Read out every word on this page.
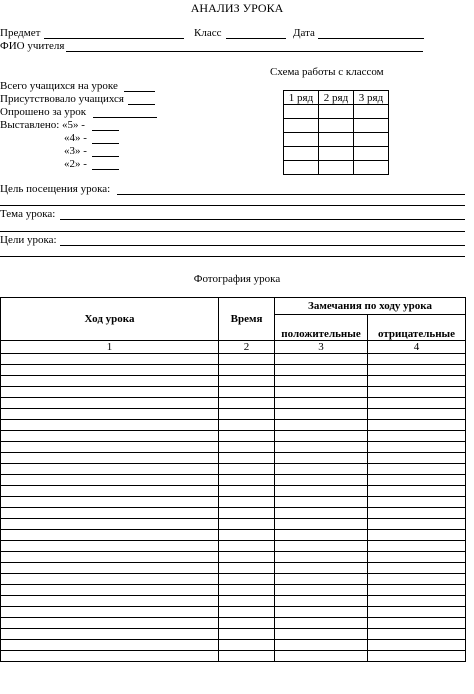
АНАЛИЗ УРОКА
Предмет	Класс	Дата
ФИО учителя
Схема работы с классом
1 ряд	2 ряд	3 ряд

Всего учащихся на уроке
Присутствовало учащихся
Опрошено за урок
Выставлено: «5» -
«4» -
«3» -
«2» -
Цель посещения урока:
Тема урока:
Цели урока:
Фотография урока
Ход урока	Время	Замечания по ходу урока	
		положительные	отрицательные
1	2	3	4
